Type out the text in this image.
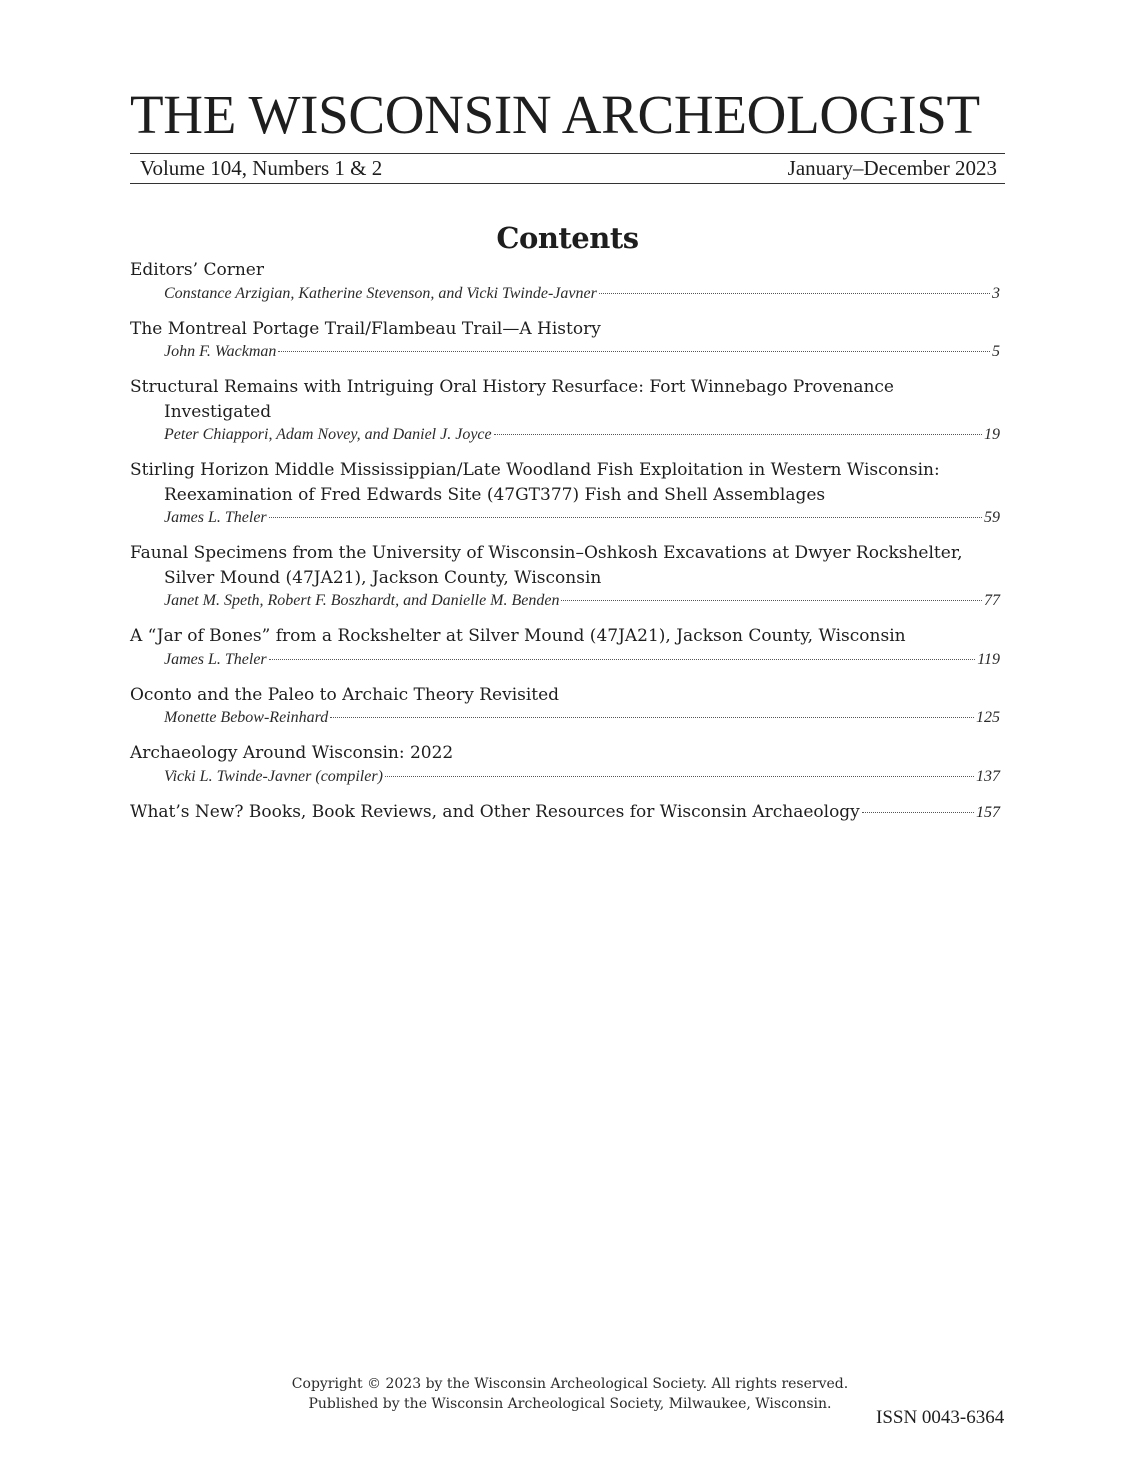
THE WISCONSIN ARCHEOLOGIST
Volume 104, Numbers 1 & 2	January–December 2023
Contents
Editors’ Corner
Constance Arzigian, Katherine Stevenson, and Vicki Twinde-Javner	3
The Montreal Portage Trail/Flambeau Trail—A History
John F. Wackman	5
Structural Remains with Intriguing Oral History Resurface: Fort Winnebago Provenance Investigated
Peter Chiappori, Adam Novey, and Daniel J. Joyce	19
Stirling Horizon Middle Mississippian/Late Woodland Fish Exploitation in Western Wisconsin: Reexamination of Fred Edwards Site (47GT377) Fish and Shell Assemblages
James L. Theler	59
Faunal Specimens from the University of Wisconsin–Oshkosh Excavations at Dwyer Rockshelter, Silver Mound (47JA21), Jackson County, Wisconsin
Janet M. Speth, Robert F. Boszhardt, and Danielle M. Benden	77
A “Jar of Bones” from a Rockshelter at Silver Mound (47JA21), Jackson County, Wisconsin
James L. Theler	119
Oconto and the Paleo to Archaic Theory Revisited
Monette Bebow-Reinhard	125
Archaeology Around Wisconsin: 2022
Vicki L. Twinde-Javner (compiler)	137
What’s New? Books, Book Reviews, and Other Resources for Wisconsin Archaeology	157
Copyright © 2023 by the Wisconsin Archeological Society. All rights reserved.
Published by the Wisconsin Archeological Society, Milwaukee, Wisconsin.
ISSN 0043-6364
